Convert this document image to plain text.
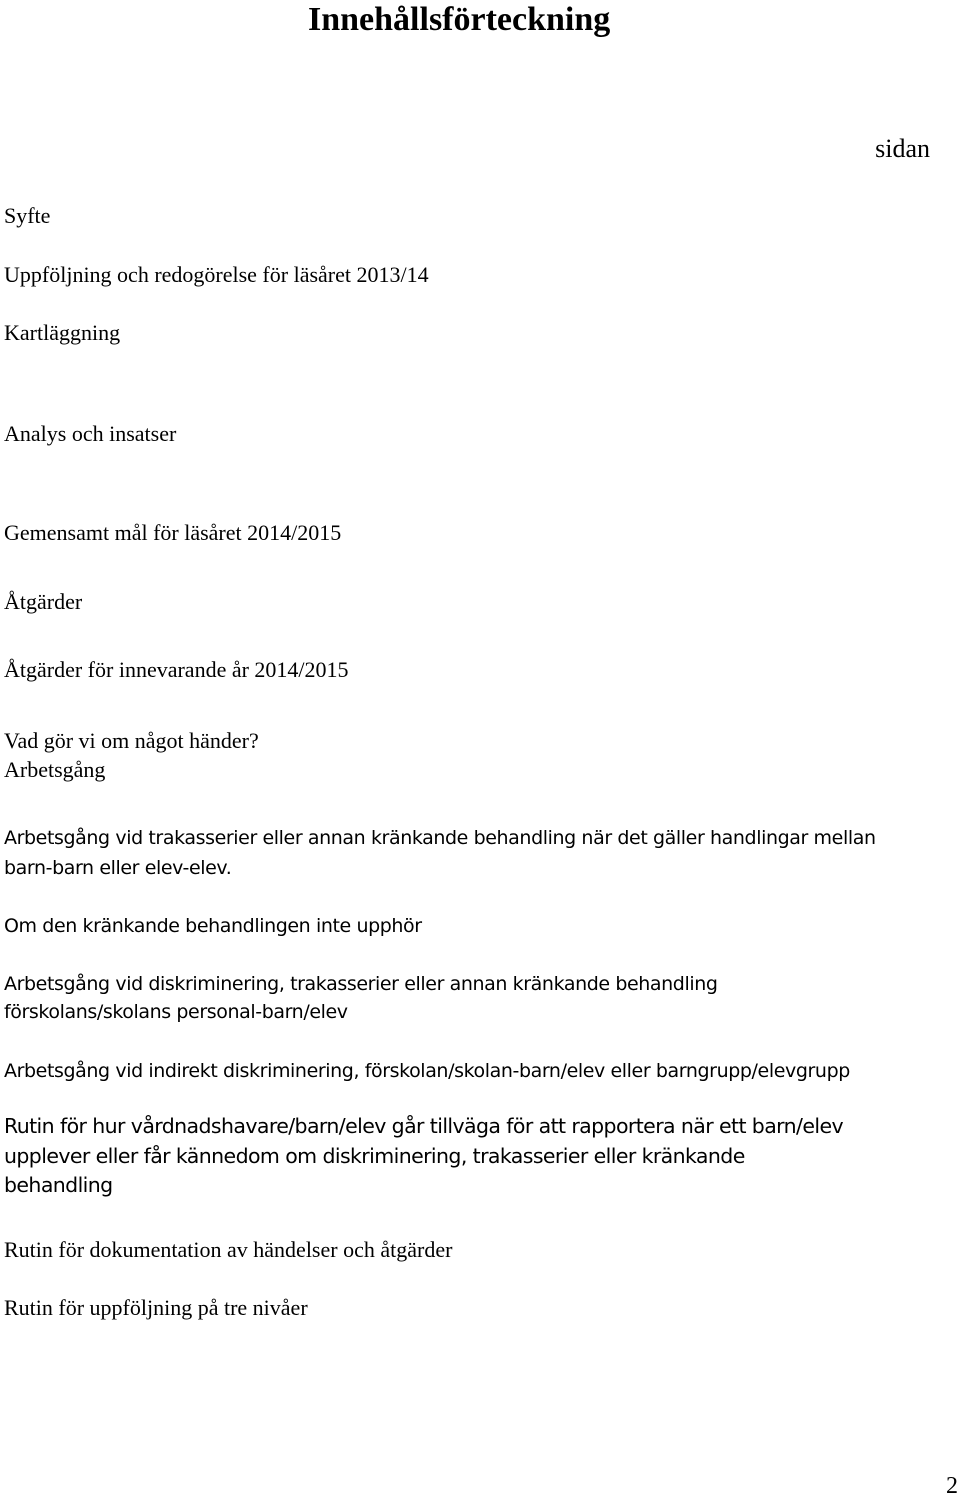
Innehållsförteckning
sidan
Syfte
Uppföljning och redogörelse för läsåret 2013/14
Kartläggning
Analys och insatser
Gemensamt mål för läsåret 2014/2015
Åtgärder
Åtgärder för innevarande år 2014/2015
Vad gör vi om något händer?
Arbetsgång
Arbetsgång vid trakasserier eller annan kränkande behandling när det gäller handlingar mellan
barn-barn eller elev-elev.
Om den kränkande behandlingen inte upphör
Arbetsgång vid diskriminering, trakasserier eller annan kränkande behandling
förskolans/skolans personal-barn/elev
Arbetsgång vid indirekt diskriminering, förskolan/skolan-barn/elev eller barngrupp/elevgrupp
Rutin för hur vårdnadshavare/barn/elev går tillväga för att rapportera när ett barn/elev
upplever eller får kännedom om diskriminering, trakasserier eller kränkande
behandling
Rutin för dokumentation av händelser och åtgärder
Rutin för uppföljning på tre nivåer
2
